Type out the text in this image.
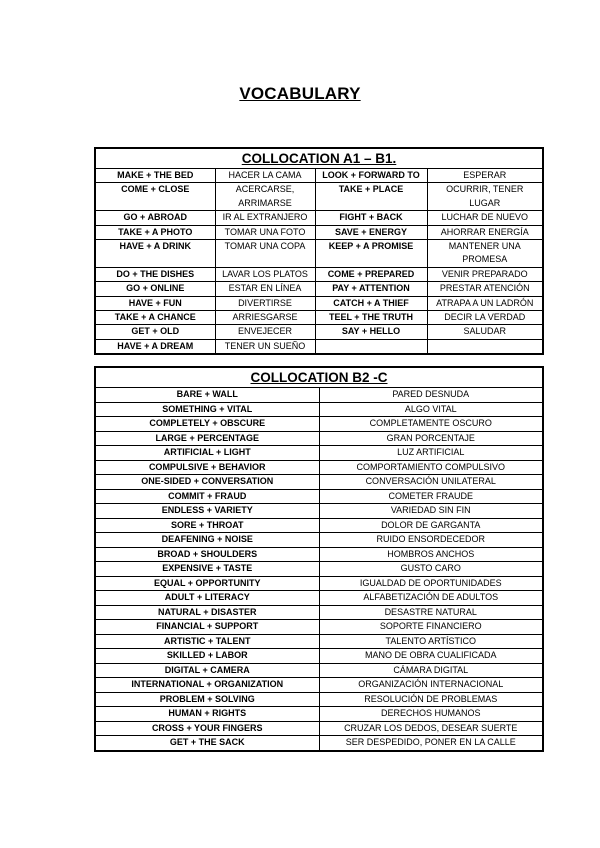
VOCABULARY
COLLOCATION A1 – B1.			
MAKE + THE BED	HACER LA CAMA	LOOK + FORWARD TO	ESPERAR
COME + CLOSE	ACERCARSE, ARRIMARSE	TAKE + PLACE	OCURRIR, TENER LUGAR
GO + ABROAD	IR AL EXTRANJERO	FIGHT + BACK	LUCHAR DE NUEVO
TAKE + A PHOTO	TOMAR UNA FOTO	SAVE + ENERGY	AHORRAR ENERGÍA
HAVE + A DRINK	TOMAR UNA COPA	KEEP + A PROMISE	MANTENER UNA PROMESA
DO + THE DISHES	LAVAR LOS PLATOS	COME + PREPARED	VENIR PREPARADO
GO + ONLINE	ESTAR EN LÍNEA	PAY + ATTENTION	PRESTAR ATENCIÓN
HAVE + FUN	DIVERTIRSE	CATCH + A THIEF	ATRAPA A UN LADRÓN
TAKE + A CHANCE	ARRIESGARSE	TEEL + THE TRUTH	DECIR LA VERDAD
GET + OLD	ENVEJECER	SAY + HELLO	SALUDAR
HAVE + A DREAM	TENER UN SUEÑO		
COLLOCATION B2 -C	
BARE + WALL	PARED DESNUDA
SOMETHING + VITAL	ALGO VITAL
COMPLETELY + OBSCURE	COMPLETAMENTE OSCURO
LARGE + PERCENTAGE	GRAN PORCENTAJE
ARTIFICIAL + LIGHT	LUZ ARTIFICIAL
COMPULSIVE + BEHAVIOR	COMPORTAMIENTO COMPULSIVO
ONE-SIDED + CONVERSATION	CONVERSACIÓN UNILATERAL
COMMIT + FRAUD	COMETER FRAUDE
ENDLESS + VARIETY	VARIEDAD SIN FIN
SORE + THROAT	DOLOR DE GARGANTA
DEAFENING + NOISE	RUIDO ENSORDECEDOR
BROAD + SHOULDERS	HOMBROS ANCHOS
EXPENSIVE + TASTE	GUSTO CARO
EQUAL + OPPORTUNITY	IGUALDAD DE OPORTUNIDADES
ADULT + LITERACY	ALFABETIZACIÓN DE ADULTOS
NATURAL + DISASTER	DESASTRE NATURAL
FINANCIAL + SUPPORT	SOPORTE FINANCIERO
ARTISTIC + TALENT	TALENTO ARTÍSTICO
SKILLED + LABOR	MANO DE OBRA CUALIFICADA
DIGITAL + CAMERA	CÁMARA DIGITAL
INTERNATIONAL + ORGANIZATION	ORGANIZACIÓN INTERNACIONAL
PROBLEM + SOLVING	RESOLUCIÓN DE PROBLEMAS
HUMAN + RIGHTS	DERECHOS HUMANOS
CROSS + YOUR FINGERS	CRUZAR LOS DEDOS, DESEAR SUERTE
GET + THE SACK	SER DESPEDIDO, PONER EN LA CALLE
